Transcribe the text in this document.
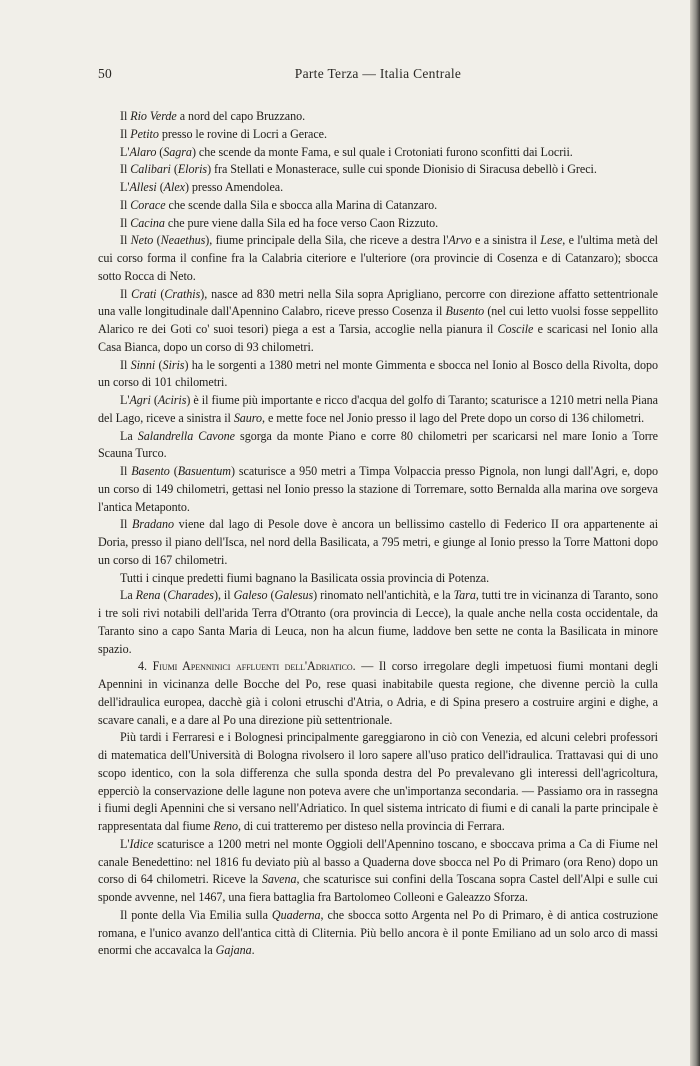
50	Parte Terza — Italia Centrale

Il Rio Verde a nord del capo Bruzzano.

Il Petito presso le rovine di Locri a Gerace.

L'Alaro (Sagra) che scende da monte Fama, e sul quale i Crotoniati furono sconfitti dai Locrii.

Il Calibari (Eloris) fra Stellati e Monasterace, sulle cui sponde Dionisio di Siracusa debellò i Greci.

L'Allesi (Alex) presso Amendolea.

Il Corace che scende dalla Sila e sbocca alla Marina di Catanzaro.

Il Cacina che pure viene dalla Sila ed ha foce verso Caon Rizzuto.

Il Neto (Neaethus), fiume principale della Sila, che riceve a destra l'Arvo e a sinistra il Lese, e l'ultima metà del cui corso forma il confine fra la Calabria citeriore e l'ulteriore (ora provincie di Cosenza e di Catanzaro); sbocca sotto Rocca di Neto.

Il Crati (Crathis), nasce ad 830 metri nella Sila sopra Aprigliano, percorre con direzione affatto settentrionale una valle longitudinale dall'Apennino Calabro, riceve presso Cosenza il Busento (nel cui letto vuolsi fosse seppellito Alarico re dei Goti co' suoi tesori) piega a est a Tarsia, accoglie nella pianura il Coscile e scaricasi nel Ionio alla Casa Bianca, dopo un corso di 93 chilometri.

Il Sinni (Siris) ha le sorgenti a 1380 metri nel monte Gimmenta e sbocca nel Ionio al Bosco della Rivolta, dopo un corso di 101 chilometri.

L'Agri (Aciris) è il fiume più importante e ricco d'acqua del golfo di Taranto; scaturisce a 1210 metri nella Piana del Lago, riceve a sinistra il Sauro, e mette foce nel Jonio presso il lago del Prete dopo un corso di 136 chilometri.

La Salandrella Cavone sgorga da monte Piano e corre 80 chilometri per scaricarsi nel mare Ionio a Torre Scauna Turco.

Il Basento (Basuentum) scaturisce a 950 metri a Timpa Volpaccia presso Pignola, non lungi dall'Agri, e, dopo un corso di 149 chilometri, gettasi nel Ionio presso la stazione di Torremare, sotto Bernalda alla marina ove sorgeva l'antica Metaponto.

Il Bradano viene dal lago di Pesole dove è ancora un bellissimo castello di Federico II ora appartenente ai Doria, presso il piano dell'Isca, nel nord della Basilicata, a 795 metri, e giunge al Ionio presso la Torre Mattoni dopo un corso di 167 chilometri.

Tutti i cinque predetti fiumi bagnano la Basilicata ossia provincia di Potenza.

La Rena (Charades), il Galeso (Galesus) rinomato nell'antichità, e la Tara, tutti tre in vicinanza di Taranto, sono i tre soli rivi notabili dell'arida Terra d'Otranto (ora provincia di Lecce), la quale anche nella costa occidentale, da Taranto sino a capo Santa Maria di Leuca, non ha alcun fiume, laddove ben sette ne conta la Basilicata in minore spazio.

4. Fiumi Apenninici affluenti dell'Adriatico. — Il corso irregolare degli impetuosi fiumi montani degli Apennini in vicinanza delle Bocche del Po, rese quasi inabitabile questa regione, che divenne perciò la culla dell'idraulica europea, dacchè già i coloni etruschi d'Atria, o Adria, e di Spina presero a costruire argini e dighe, a scavare canali, e a dare al Po una direzione più settentrionale.

Più tardi i Ferraresi e i Bolognesi principalmente gareggiarono in ciò con Venezia, ed alcuni celebri professori di matematica dell'Università di Bologna rivolsero il loro sapere all'uso pratico dell'idraulica. Trattavasi qui di uno scopo identico, con la sola differenza che sulla sponda destra del Po prevalevano gli interessi dell'agricoltura, epperciò la conservazione delle lagune non poteva avere che un'importanza secondaria. — Passiamo ora in rassegna i fiumi degli Apennini che si versano nell'Adriatico. In quel sistema intricato di fiumi e di canali la parte principale è rappresentata dal fiume Reno, di cui tratteremo per disteso nella provincia di Ferrara.

L'Idice scaturisce a 1200 metri nel monte Oggioli dell'Apennino toscano, e sboccava prima a Ca di Fiume nel canale Benedettino: nel 1816 fu deviato più al basso a Quaderna dove sbocca nel Po di Primaro (ora Reno) dopo un corso di 64 chilometri. Riceve la Savena, che scaturisce sui confini della Toscana sopra Castel dell'Alpi e sulle cui sponde avvenne, nel 1467, una fiera battaglia fra Bartolomeo Colleoni e Galeazzo Sforza.

Il ponte della Via Emilia sulla Quaderna, che sbocca sotto Argenta nel Po di Primaro, è di antica costruzione romana, e l'unico avanzo dell'antica città di Cliternia. Più bello ancora è il ponte Emiliano ad un solo arco di massi enormi che accavalca la Gajana.
